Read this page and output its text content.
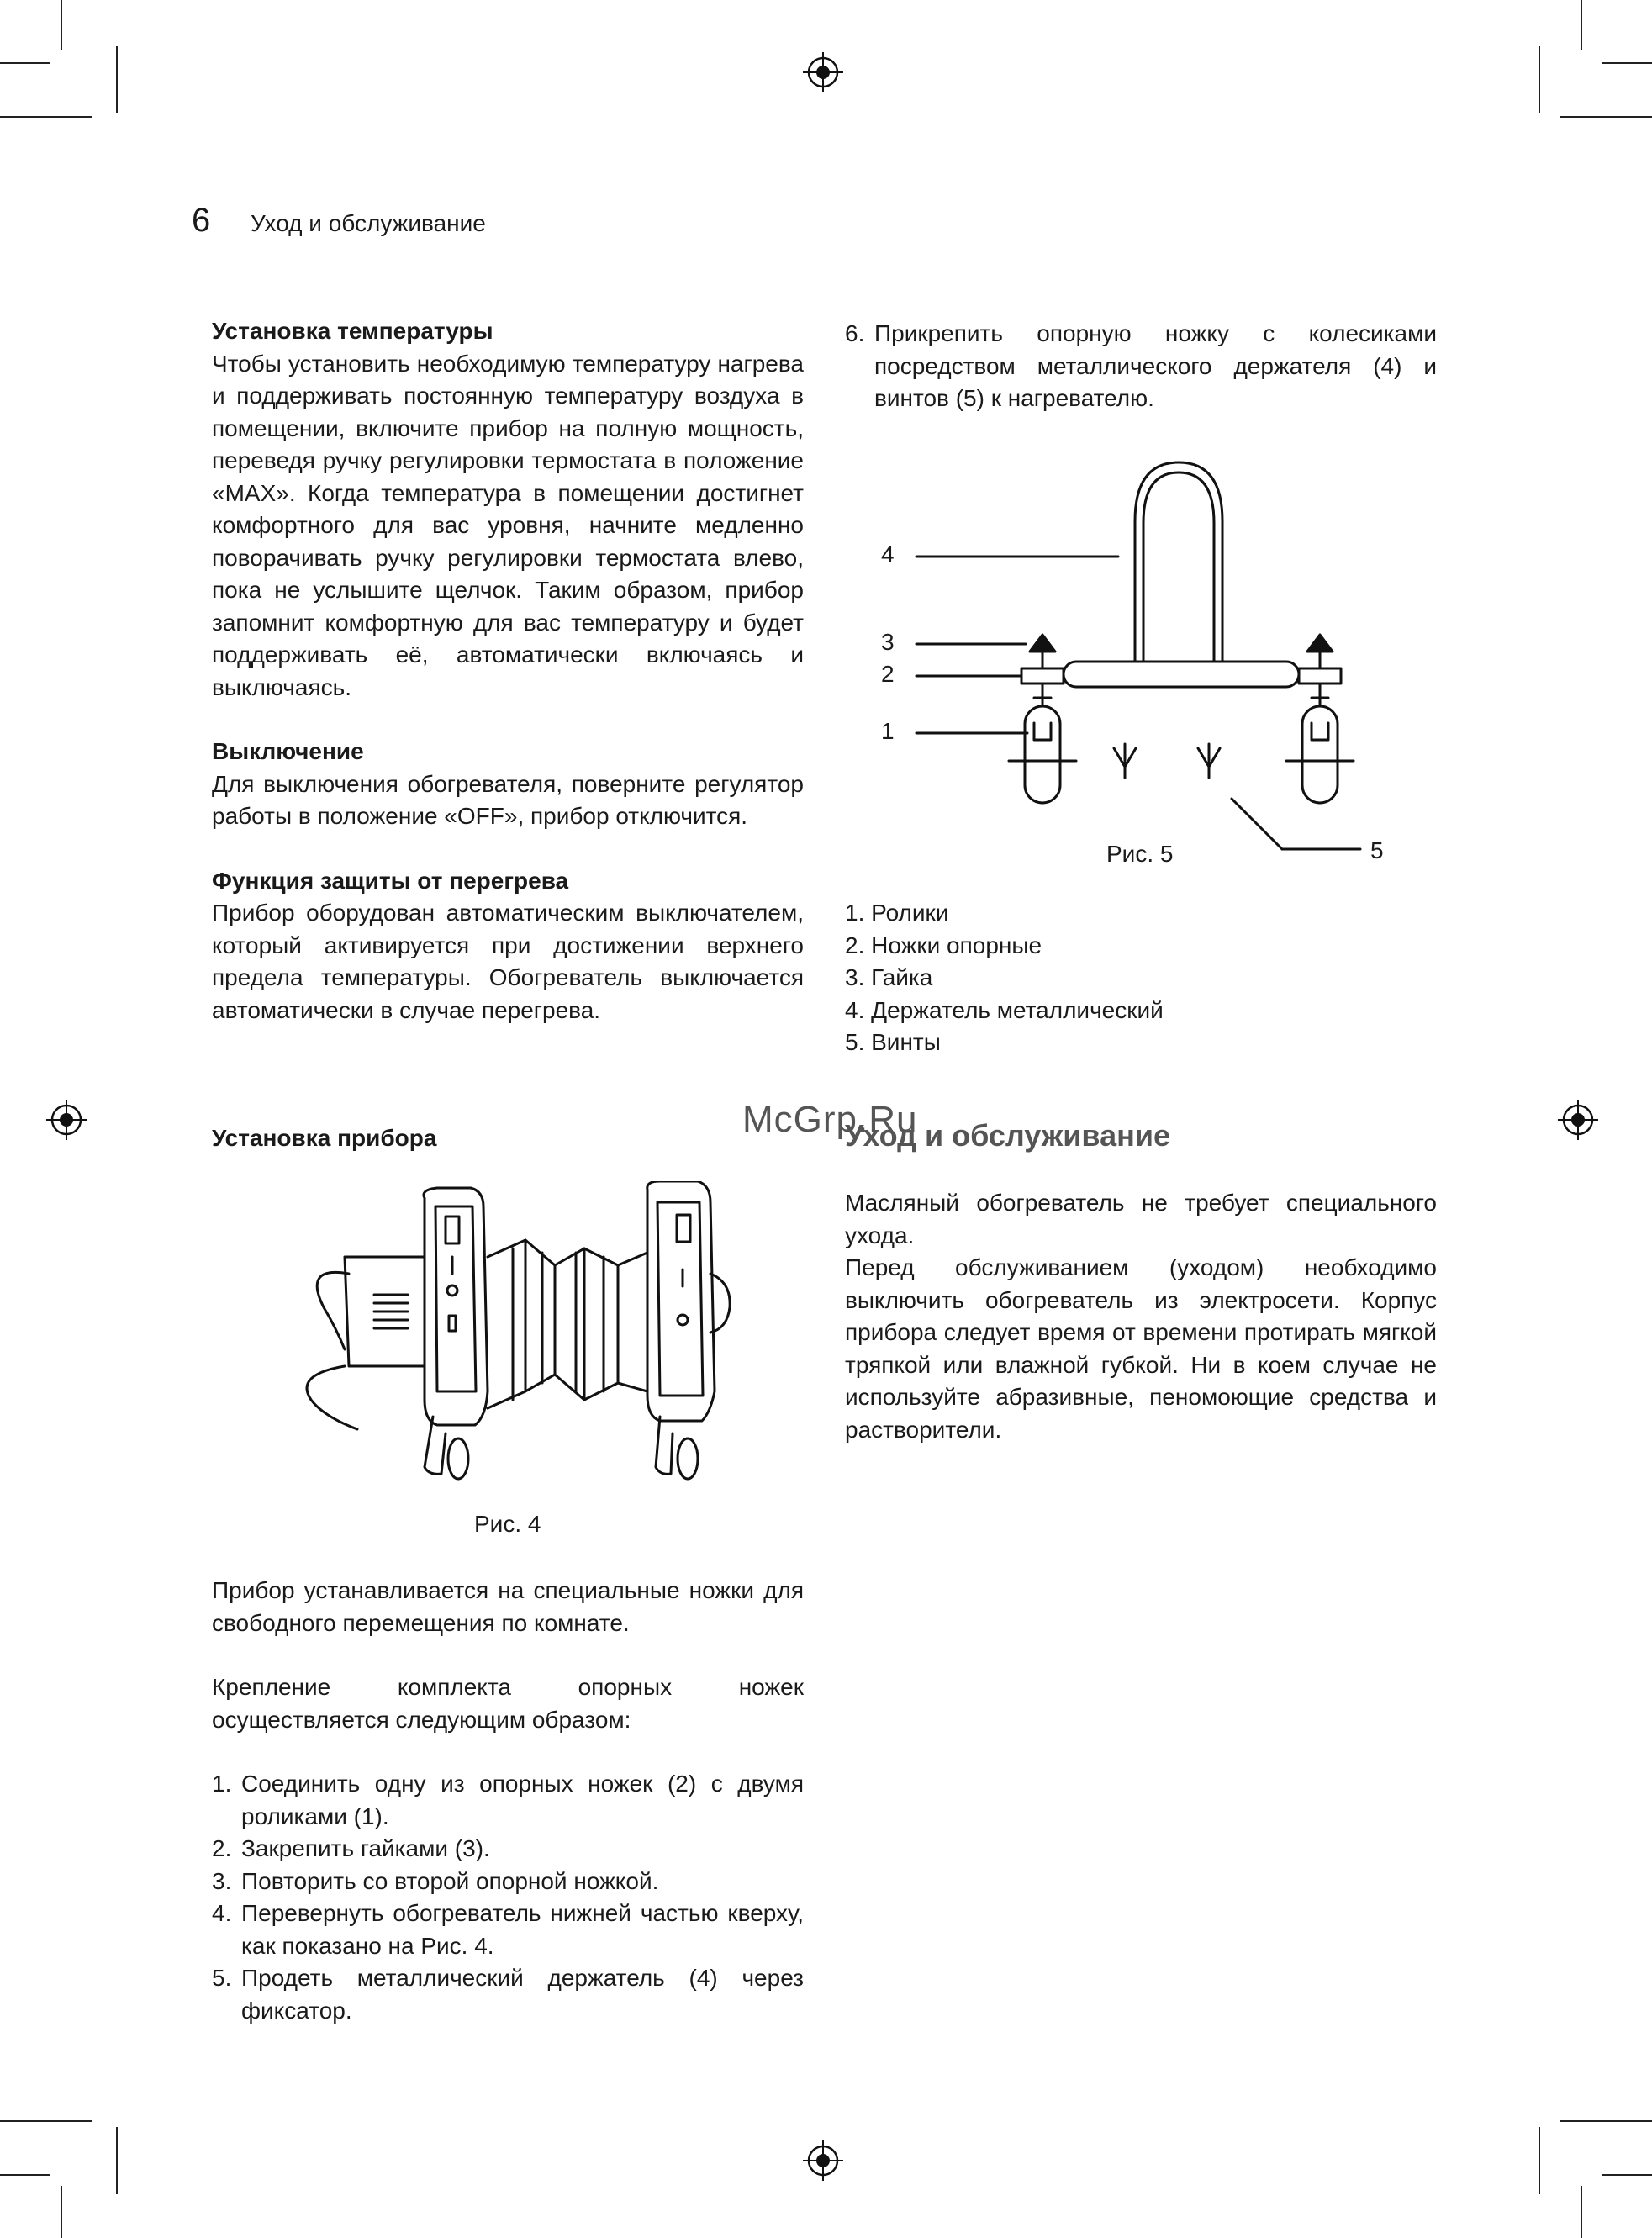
6 Уход и обслуживание

Установка температуры

Чтобы установить необходимую температуру нагрева и поддерживать постоянную температуру воздуха в помещении, включите прибор на полную мощность, переведя ручку регулировки термостата в положение «MAX». Когда температура в помещении достигнет комфортного для вас уровня, начните медленно поворачивать ручку регулировки термостата влево, пока не услышите щелчок. Таким образом, прибор запомнит комфортную для вас температуру и будет поддерживать её, автоматически включаясь и выключаясь.

Выключение

Для выключения обогревателя, поверните регулятор работы в положение «OFF», прибор отключится.

Функция защиты от перегрева

Прибор оборудован автоматическим выключателем, который активируется при достижении верхнего предела температуры. Обогреватель выключается автоматически в случае перегрева.

Установка прибора

Рис. 4

Прибор устанавливается на специальные ножки для свободного перемещения по комнате.

Крепление комплекта опорных ножек осуществляется следующим образом:

1. Соединить одну из опорных ножек (2) с двумя роликами (1).
2. Закрепить гайками (3).
3. Повторить со второй опорной ножкой.
4. Перевернуть обогреватель нижней частью кверху, как показано на Рис. 4.
5. Продеть металлический держатель (4) через фиксатор.
6. Прикрепить опорную ножку с колесиками посредством металлического держателя (4) и винтов (5) к нагревателю.
4
3
2
1
5
Рис. 5

1. Ролики

2. Ножки опорные

3. Гайка

4. Держатель металлический

5. Винты

Уход и обслуживание
McGrp.Ru

Масляный обогреватель не требует специального ухода.

Перед обслуживанием (уходом) необходимо выключить обогреватель из электросети. Корпус прибора следует время от времени протирать мягкой тряпкой или влажной губкой. Ни в коем случае не используйте абразивные, пеномоющие средства и растворители.
